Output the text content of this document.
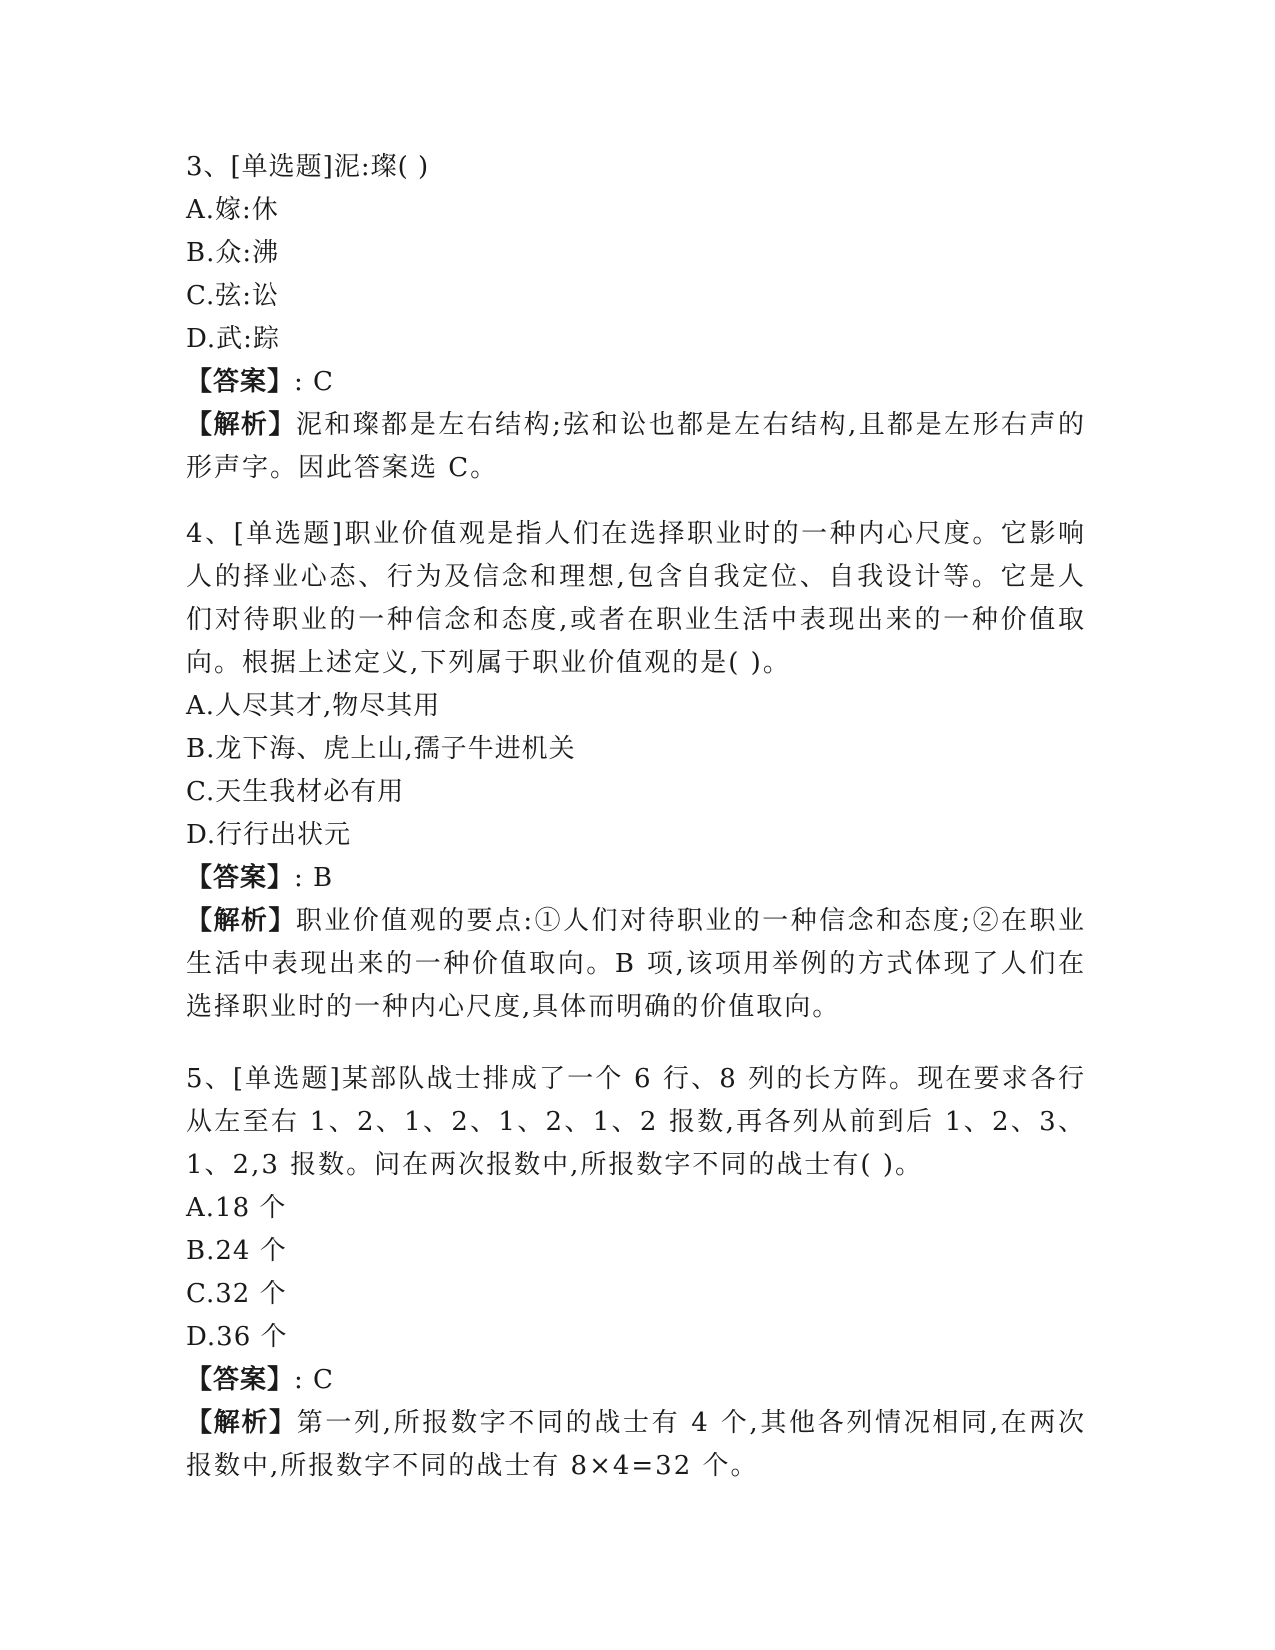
3、[单选题]泥:璨( )
A.嫁:休
B.众:沸
C.弦:讼
D.武:踪
【答案】: C
【解析】泥和璨都是左右结构;弦和讼也都是左右结构,且都是左形右声的形声字。因此答案选 C。
4、[单选题]职业价值观是指人们在选择职业时的一种内心尺度。它影响人的择业心态、行为及信念和理想,包含自我定位、自我设计等。它是人们对待职业的一种信念和态度,或者在职业生活中表现出来的一种价值取向。根据上述定义,下列属于职业价值观的是( )。
A.人尽其才,物尽其用
B.龙下海、虎上山,孺子牛进机关
C.天生我材必有用
D.行行出状元
【答案】: B
【解析】职业价值观的要点:①人们对待职业的一种信念和态度;②在职业生活中表现出来的一种价值取向。B 项,该项用举例的方式体现了人们在选择职业时的一种内心尺度,具体而明确的价值取向。
5、[单选题]某部队战士排成了一个 6 行、8 列的长方阵。现在要求各行从左至右 1、2、1、2、1、2、1、2 报数,再各列从前到后 1、2、3、1、2,3 报数。问在两次报数中,所报数字不同的战士有( )。
A.18 个
B.24 个
C.32 个
D.36 个
【答案】: C
【解析】第一列,所报数字不同的战士有 4 个,其他各列情况相同,在两次报数中,所报数字不同的战士有 8×4=32 个。
